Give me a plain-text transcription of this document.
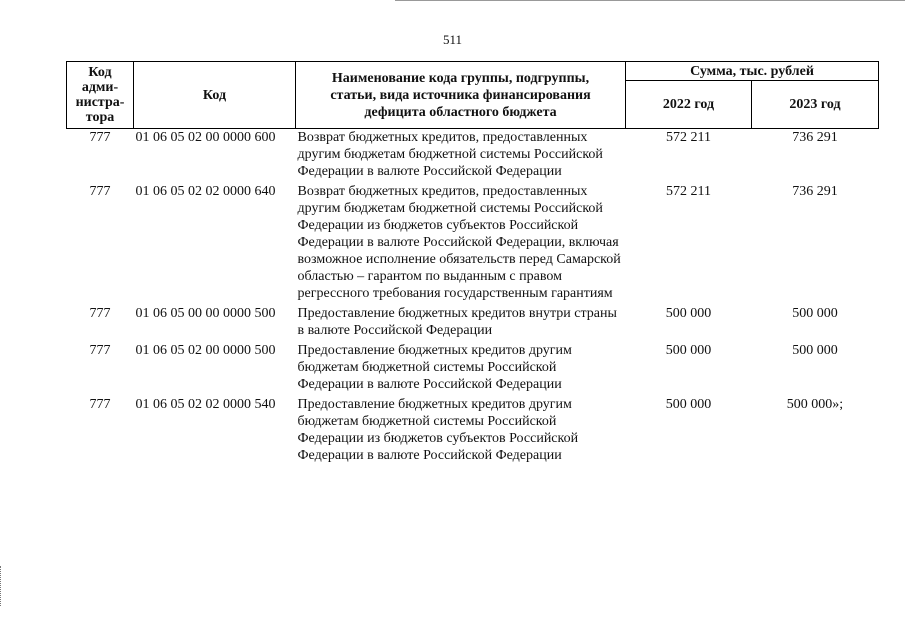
511
Код адми-нистра-тора	Код	Наименование кода группы, подгруппы, статьи, вида источника финансирования дефицита областного бюджета	Сумма, тыс. рублей	
			2022 год	2023 год
777	01 06 05 02 00 0000 600	Возврат бюджетных кредитов, предоставленных другим бюджетам бюджетной системы Российской Федерации в валюте Российской Федерации	572 211	736 291
777	01 06 05 02 02 0000 640	Возврат бюджетных кредитов, предоставленных другим бюджетам бюджетной системы Российской Федерации из бюджетов субъектов Российской Федерации в валюте Российской Федерации, включая возможное исполнение обязательств перед Самарской областью – гарантом по выданным с правом регрессного требования государственным гарантиям	572 211	736 291
777	01 06 05 00 00 0000 500	Предоставление бюджетных кредитов внутри страны в валюте Российской Федерации	500 000	500 000
777	01 06 05 02 00 0000 500	Предоставление бюджетных кредитов другим бюджетам бюджетной системы Российской Федерации в валюте Российской Федерации	500 000	500 000
777	01 06 05 02 02 0000 540	Предоставление бюджетных кредитов другим бюджетам бюджетной системы Российской Федерации из бюджетов субъектов Российской Федерации в валюте Российской Федерации	500 000	500 000»;
